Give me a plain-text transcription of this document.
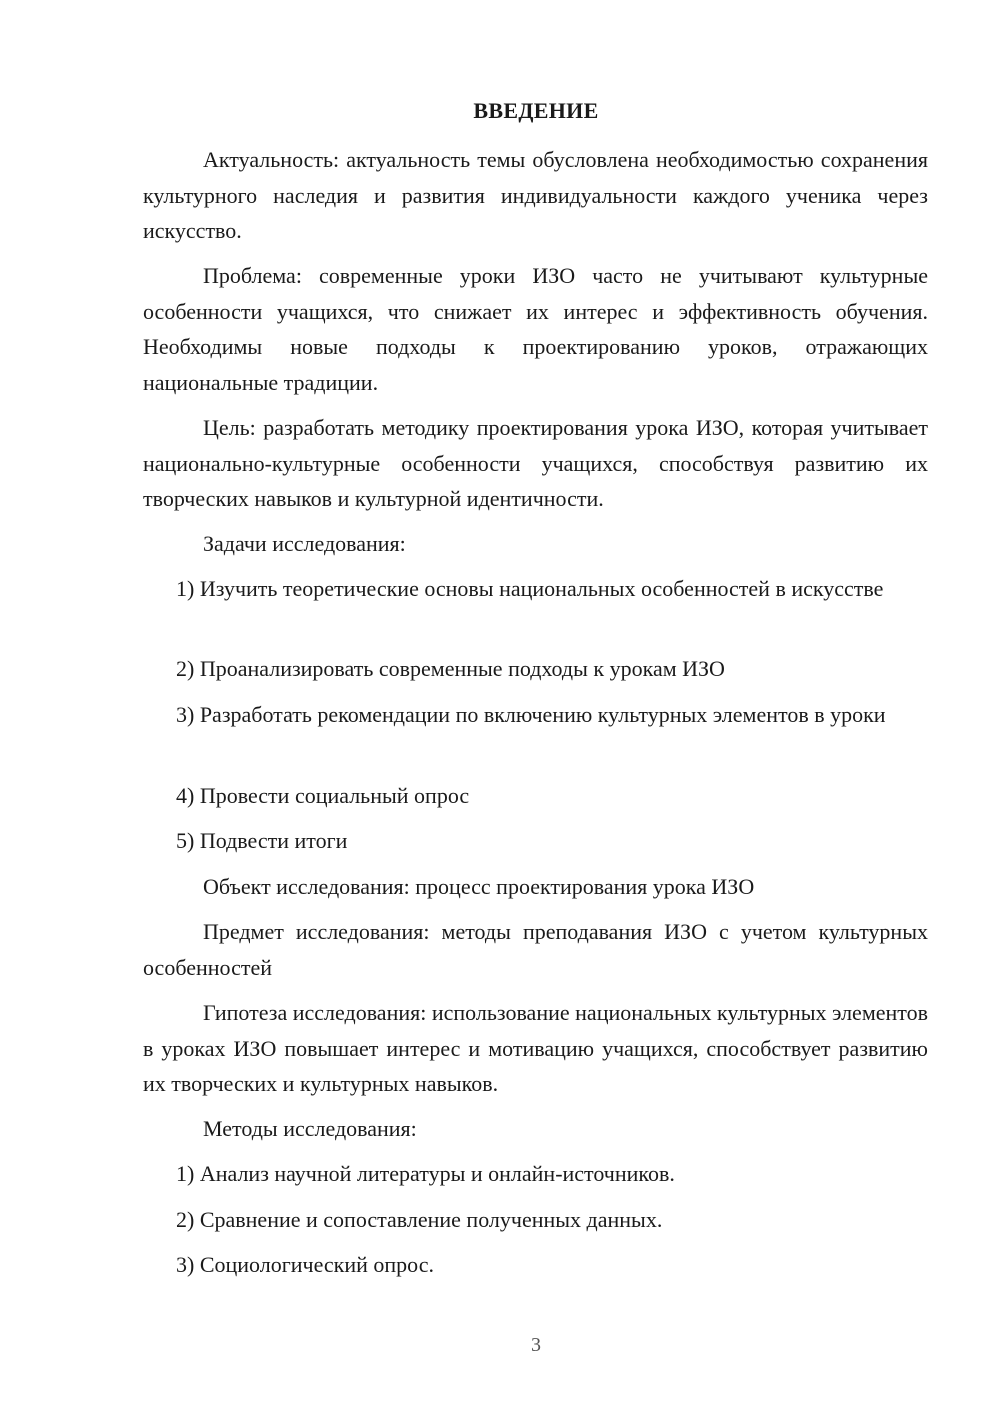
ВВЕДЕНИЕ

Актуальность: актуальность темы обусловлена необходимостью сохранения культурного наследия и развития индивидуальности каждого ученика через искусство.

Проблема: современные уроки ИЗО часто не учитывают культурные особенности учащихся, что снижает их интерес и эффективность обучения. Необходимы новые подходы к проектированию уроков, отражающих национальные традиции.

Цель: разработать методику проектирования урока ИЗО, которая учитывает национально-культурные особенности учащихся, способствуя развитию их творческих навыков и культурной идентичности.

Задачи исследования:

1) Изучить теоретические основы национальных особенностей в искусстве

2) Проанализировать современные подходы к урокам ИЗО

3) Разработать рекомендации по включению культурных элементов в уроки

4) Провести социальный опрос

5) Подвести итоги

Объект исследования: процесс проектирования урока ИЗО

Предмет исследования: методы преподавания ИЗО с учетом культурных особенностей

Гипотеза исследования: использование национальных культурных элементов в уроках ИЗО повышает интерес и мотивацию учащихся, способствует развитию их творческих и культурных навыков.

Методы исследования:

1) Анализ научной литературы и онлайн-источников.

2) Сравнение и сопоставление полученных данных.

3) Социологический опрос.

3
